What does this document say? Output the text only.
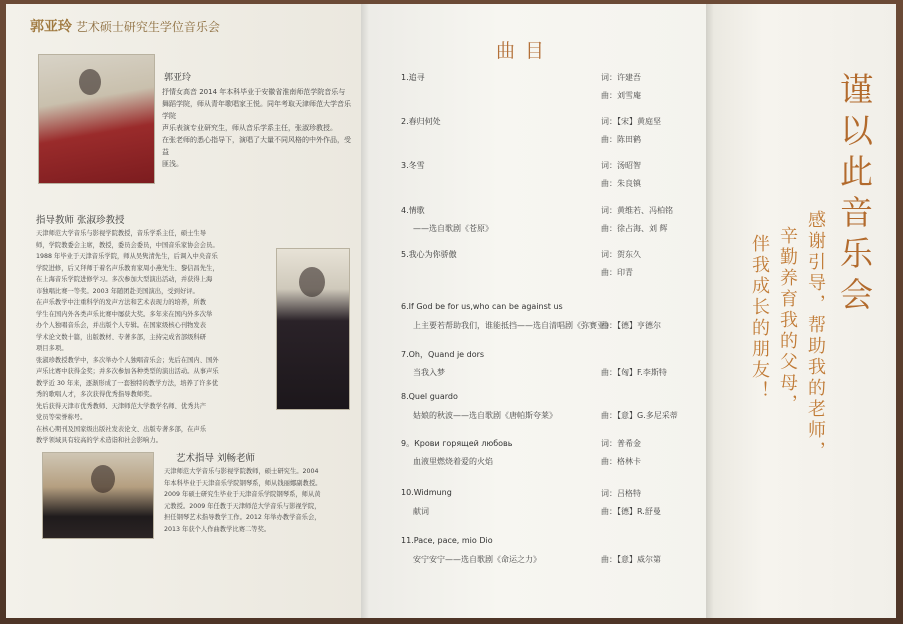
郭亚玲 艺术硕士研究生学位音乐会
郭亚玲
抒情女高音 2014 年本科毕业于安徽省淮南师范学院音乐与
舞蹈学院，师从青年歌唱家王悦。同年考取天津师范大学音乐学院
声乐表演专业研究生，师从音乐学系主任，张淑珍教授。
在张老师的悉心指导下，演唱了大量不同风格的中外作品，受益
匪浅。
指导教师 张淑珍教授
天津师范大学音乐与影视学院教授，音乐学系主任，硕士生导
师，学院教委会主席，教授，委员会委员，中国音乐家协会会员。
1988 年毕业于天津音乐学院，师从吴隽清先生，后调入中央音乐
学院进修，后又拜师于着名声乐教育家周小燕先生、黎信昌先生，
在上海音乐学院进修学习。多次参加大型演出活动，并获得上海
市独唱比赛一等奖。2003 年随团赴美国演出，受到好评。
在声乐教学中注重科学的发声方法和艺术表现力的培养，所教
学生在国内外各类声乐比赛中屡获大奖。多年来在国内外多次举
办个人独唱音乐会，并出版个人专辑。在国家级核心刊物发表
学术论文数十篇，出版教材、专著多部，主持完成省部级科研
项目多项。
张淑珍教授教学中，多次举办个人独唱音乐会；先后在国内、国外
声乐比赛中获得金奖；并多次参加各种类型的演出活动。从事声乐
教学近 30 年来，逐渐形成了一套独特的教学方法，培养了许多优
秀的歌唱人才，多次获得优秀指导教师奖。
先后获得天津市优秀教师、天津师范大学教学名师、优秀共产
党员等荣誉称号。
在核心期刊及国家级出版社发表论文、出版专著多部，在声乐
教学领域具有较高的学术造诣和社会影响力。
艺术指导 刘畅老师
天津师范大学音乐与影视学院教师，硕士研究生。2004
年本科毕业于天津音乐学院钢琴系，师从钱丽娜副教授。
2009 年硕士研究生毕业于天津音乐学院钢琴系，师从黄
元教授。2009 年任教于天津师范大学音乐与影视学院，
担任钢琴艺术指导教学工作。2012 年举办教学音乐会，
2013 年获个人作曲教学比赛二等奖。
曲目
1.追寻	词：许建吾
曲：刘雪庵
2.春归何处	词：【宋】黄庭坚
曲：陈田鹤
3.冬雪	词：汤昭智
曲：朱良镇
4.情歌
——选自歌剧《苍原》
词：黄维若、冯柏铭
曲：徐占海、刘 辉
5.我心为你骄傲	词：贺东久
曲：印青
6.If God be for us,who can be against us
上主要若帮助我们，谁能抵挡——选自清唱剧《弥赛亚》
曲：【德】亨德尔
7.Oh，Quand je dors
当我入梦	曲：【匈】F.李斯特
8.Quel guardo
姑娘的秋波——选自歌剧《唐帕斯夸莱》	曲：【意】G.多尼采蒂
9。Крови горящей любовь
血液里燃烧着爱的火焰
词：普希金
曲：格林卡
10.Widmung
献词
词：吕格特
曲：【德】R.舒曼
11.Pace, pace, mio Dio
安宁安宁——选自歌剧《命运之力》	曲：【意】威尔第
谨以此音乐会
感谢引导，帮助我的老师，
辛勤养育我的父母，
伴我成长的朋友！
